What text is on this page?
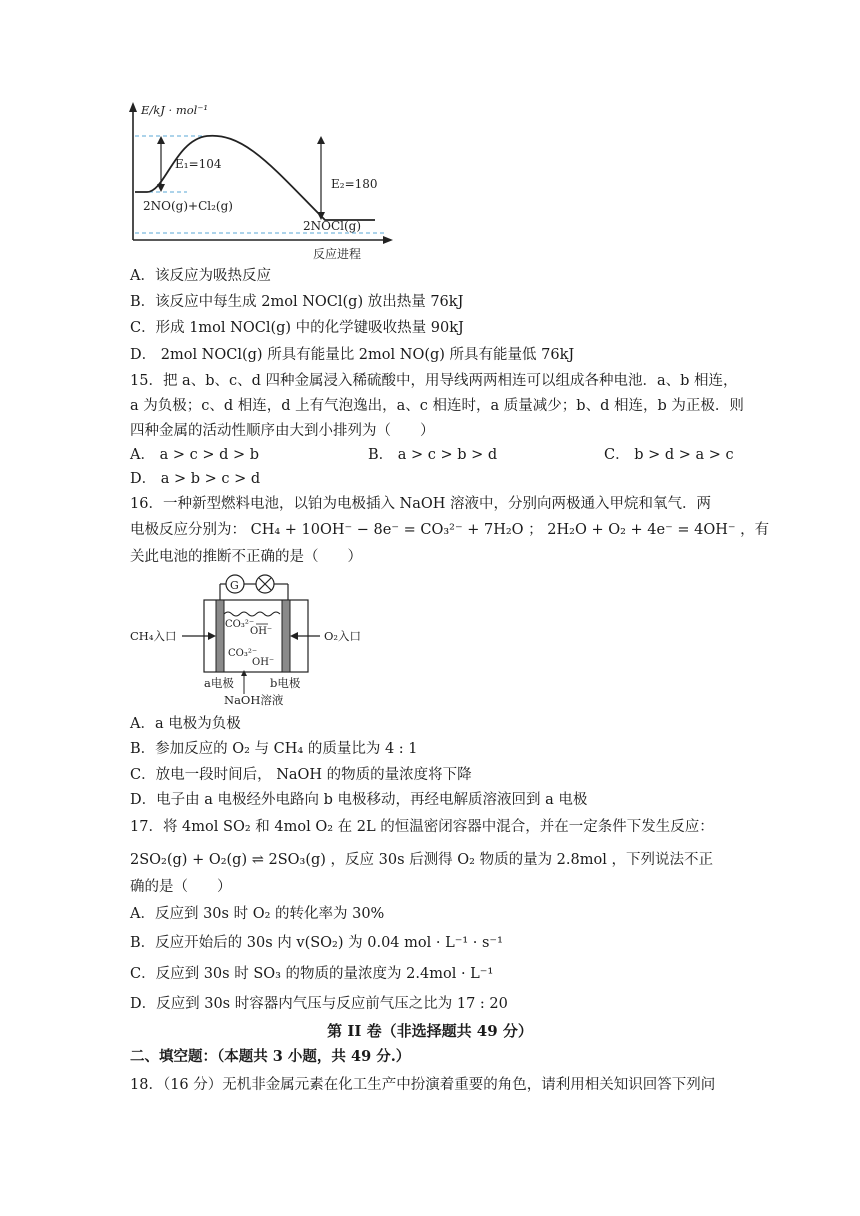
E/kJ · mol⁻¹
E₁=104
E₂=180
2NO(g)+Cl₂(g)
2NOCl(g)
反应进程
A．该反应为吸热反应
B．该反应中每生成 2mol NOCl(g) 放出热量 76kJ
C．形成 1mol NOCl(g) 中的化学键吸收热量 90kJ
D． 2mol NOCl(g) 所具有能量比 2mol NO(g) 所具有能量低 76kJ
15．把 a、b、c、d 四种金属浸入稀硫酸中，用导线两两相连可以组成各种电池．a、b 相连，
a 为负极；c、d 相连，d 上有气泡逸出，a、c 相连时，a 质量减少；b、d 相连，b 为正极．则
四种金属的活动性顺序由大到小排列为（　　）
A． a > c > d > b	B． a > c > b > d	C． b > d > a > c
D． a > b > c > d
16．一种新型燃料电池，以铂为电极插入 NaOH 溶液中，分别向两极通入甲烷和氧气．两
电极反应分别为： CH₄ + 10OH⁻ − 8e⁻ = CO₃²⁻ + 7H₂O ； 2H₂O + O₂ + 4e⁻ = 4OH⁻ ，有
关此电池的推断不正确的是（　　）
G
CH₄入口	O₂入口
CO₃²⁻
OH⁻
CO₃²⁻
OH⁻
a电极	b电极
NaOH溶液
A．a 电极为负极
B．参加反应的 O₂ 与 CH₄ 的质量比为 4 : 1
C．放电一段时间后， NaOH 的物质的量浓度将下降
D．电子由 a 电极经外电路向 b 电极移动，再经电解质溶液回到 a 电极
17．将 4mol SO₂ 和 4mol O₂ 在 2L 的恒温密闭容器中混合，并在一定条件下发生反应：
2SO₂(g) + O₂(g) ⇌ 2SO₃(g) ，反应 30s 后测得 O₂ 物质的量为 2.8mol ，下列说法不正
确的是（　　）
A．反应到 30s 时 O₂ 的转化率为 30%
B．反应开始后的 30s 内 v(SO₂) 为 0.04 mol · L⁻¹ · s⁻¹
C．反应到 30s 时 SO₃ 的物质的量浓度为 2.4mol · L⁻¹
D．反应到 30s 时容器内气压与反应前气压之比为 17 : 20
第 II 卷（非选择题共 49 分）
二、填空题：（本题共 3 小题，共 49 分.）
18．（16 分）无机非金属元素在化工生产中扮演着重要的角色，请利用相关知识回答下列问
